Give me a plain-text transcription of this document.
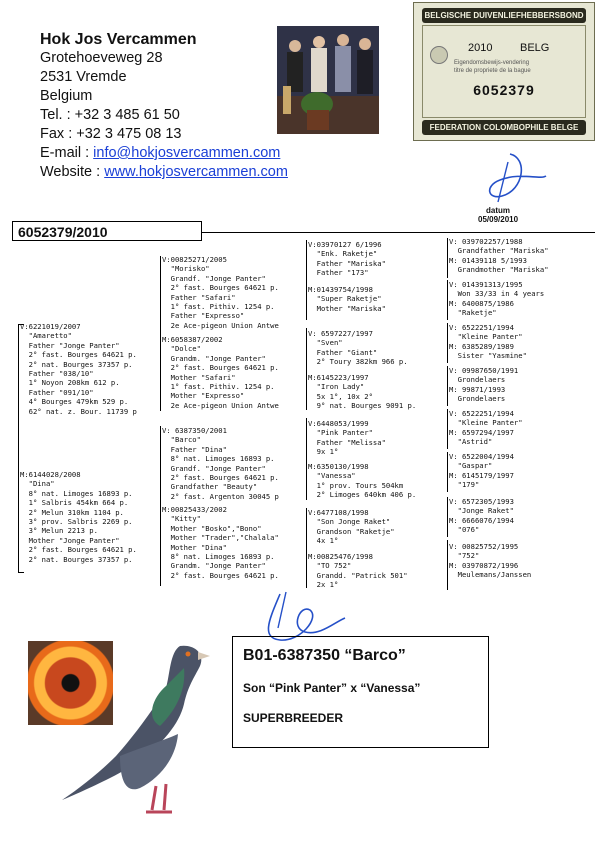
Hok Jos Vercammen
Grotehoeveweg 28
2531 Vremde
Belgium
Tel. : +32 3 485 61 50
Fax : +32 3 475 08 13
E-mail : info@hokjosvercammen.com
Website : www.hokjosvercammen.com
BELGISCHE DUIVENLIEFHEBBERSBOND
2010	BELG
Eigendomsbewijs-vendering
titre de propriete de la bague
6052379
FEDERATION COLOMBOPHILE BELGE
datum
05/09/2010
6052379/2010
V:6221019/2007
"Amaretto"
Father "Jonge Panter"
2° fast. Bourges 64621 p.
2° nat. Bourges 37357 p.
Father "038/10"
1° Noyon 208km 612 p.
Father "091/10"
4° Bourges 479km 529 p.
62° nat. z. Bour. 11739 p
M:6144028/2008
"Dina"
8° nat. Limoges 16893 p.
1° Salbris 454km 664 p.
2° Melun 310km 1104 p.
3° prov. Salbris 2269 p.
3° Melun 2213 p.
Mother "Jonge Panter"
2° fast. Bourges 64621 p.
2° nat. Bourges 37357 p.
V:00825271/2005
"Morisko"
Grandf. "Jonge Panter"
2° fast. Bourges 64621 p.
Father "Safari"
1° fast. Pithiv. 1254 p.
Father "Expresso"
2e Ace-pigeon Union Antwe
M:6058387/2002
"Dolce"
Grandm. "Jonge Panter"
2° fast. Bourges 64621 p.
Mother "Safari"
1° fast. Pithiv. 1254 p.
Mother "Expresso"
2e Ace-pigeon Union Antwe
V: 6387350/2001
"Barco"
Father "Dina"
8° nat. Limoges 16893 p.
Grandf. "Jonge Panter"
2° fast. Bourges 64621 p.
Grandfather "Beauty"
2° fast. Argenton 30045 p
M:00825433/2002
"Kitty"
Mother "Bosko","Bono"
Mother "Trader","Chalala"
Mother "Dina"
8° nat. Limoges 16893 p.
Grandm. "Jonge Panter"
2° fast. Bourges 64621 p.
V:03970127 6/1996
"Enk. Raketje"
Father "Mariska"
Father "173"
M:01439754/1998
"Super Raketje"
Mother "Mariska"
V: 6597227/1997
"Sven"
Father "Giant"
2° Toury 382km 966 p.
M:6145223/1997
"Iron Lady"
5x 1°, 10x 2°
9° nat. Bourges 9091 p.
V:6448053/1999
"Pink Panter"
Father "Melissa"
9x 1°
M:6350130/1998
"Vanessa"
1° prov. Tours 504km
2° Limoges 640km 406 p.
V:6477108/1998
"Son Jonge Raket"
Grandson "Raketje"
4x 1°
M:00825476/1998
"TO 752"
Grandd. "Patrick 501"
2x 1°
V: 039702257/1988
Grandfather "Mariska"
M: 01439118 5/1993
Grandmother "Mariska"
V: 014391313/1995
Won 33/33 in 4 years
M: 6400875/1986
"Raketje"
V: 6522251/1994
"Kleine Panter"
M: 6385289/1989
Sister "Yasmine"
V: 09987650/1991
Grondelaers
M: 99871/1993
Grondelaers
V: 6522251/1994
"Kleine Panter"
M: 6597294/1997
"Astrid"
V: 6522004/1994
"Gaspar"
M: 6145179/1997
"179"
V: 6572305/1993
"Jonge Raket"
M: 6666076/1994
"076"
V: 00825752/1995
"752"
M: 03970872/1996
Meulemans/Janssen
B01-6387350 “Barco”
Son “Pink Panter” x “Vanessa”
SUPERBREEDER
